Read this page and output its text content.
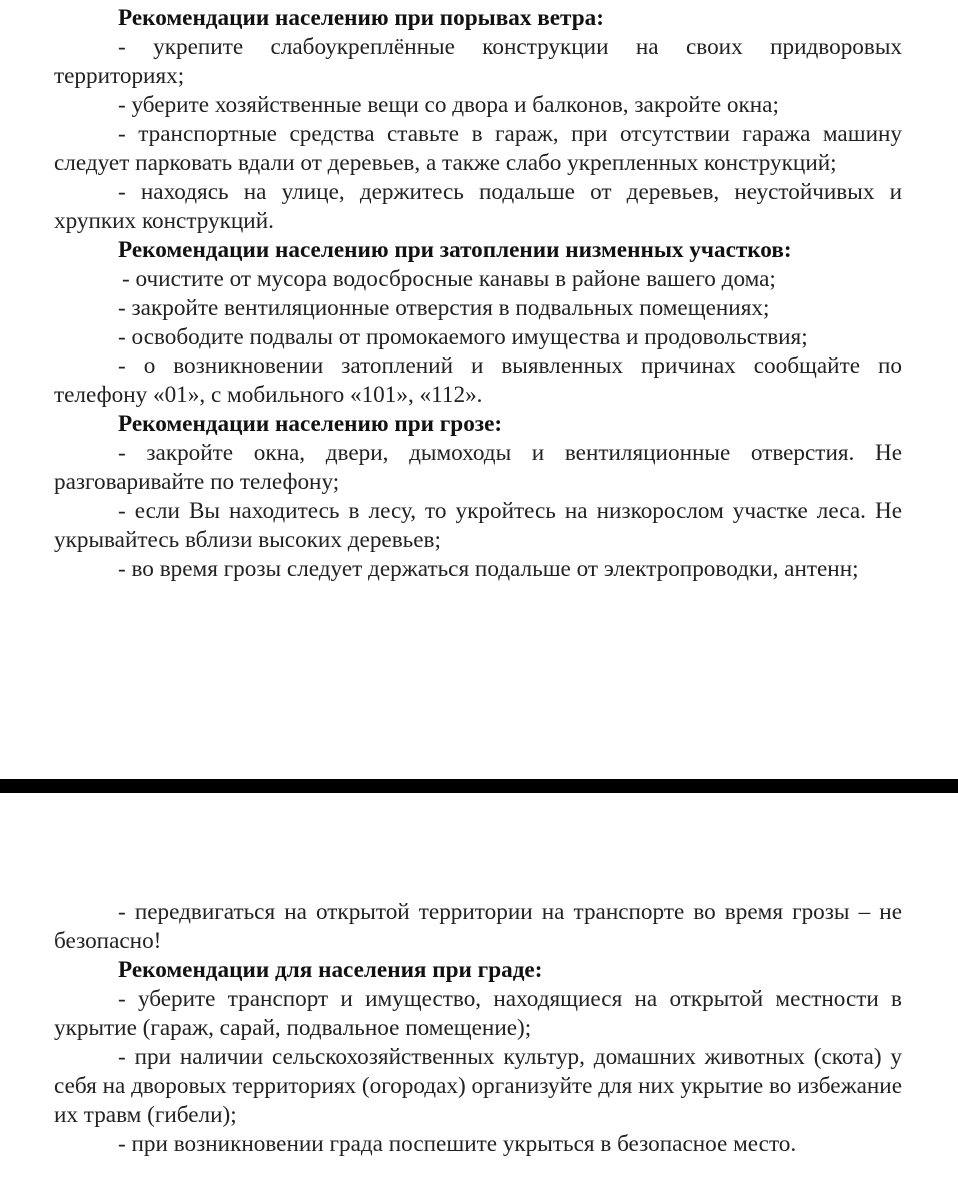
Рекомендации населению при порывах ветра:

- укрепите слабоукреплённые конструкции на своих придворовых территориях;

- уберите хозяйственные вещи со двора и балконов, закройте окна;

- транспортные средства ставьте в гараж, при отсутствии гаража машину следует парковать вдали от деревьев, а также слабо укрепленных конструкций;

- находясь на улице, держитесь подальше от деревьев, неустойчивых и хрупких конструкций.

Рекомендации населению при затоплении низменных участков:

- очистите от мусора водосбросные канавы в районе вашего дома;

- закройте вентиляционные отверстия в подвальных помещениях;

- освободите подвалы от промокаемого имущества и продовольствия;

- о возникновении затоплений и выявленных причинах сообщайте по телефону «01», с мобильного «101», «112».

Рекомендации населению при грозе:

- закройте окна, двери, дымоходы и вентиляционные отверстия. Не разговаривайте по телефону;

- если Вы находитесь в лесу, то укройтесь на низкорослом участке леса. Не укрывайтесь вблизи высоких деревьев;

- во время грозы следует держаться подальше от электропроводки, антенн;

- передвигаться на открытой территории на транспорте во время грозы – не безопасно!

Рекомендации для населения при граде:

- уберите транспорт и имущество, находящиеся на открытой местности в укрытие (гараж, сарай, подвальное помещение);

- при наличии сельскохозяйственных культур, домашних животных (скота) у себя на дворовых территориях (огородах) организуйте для них укрытие во избежание их травм (гибели);

- при возникновении града поспешите укрыться в безопасное место.
